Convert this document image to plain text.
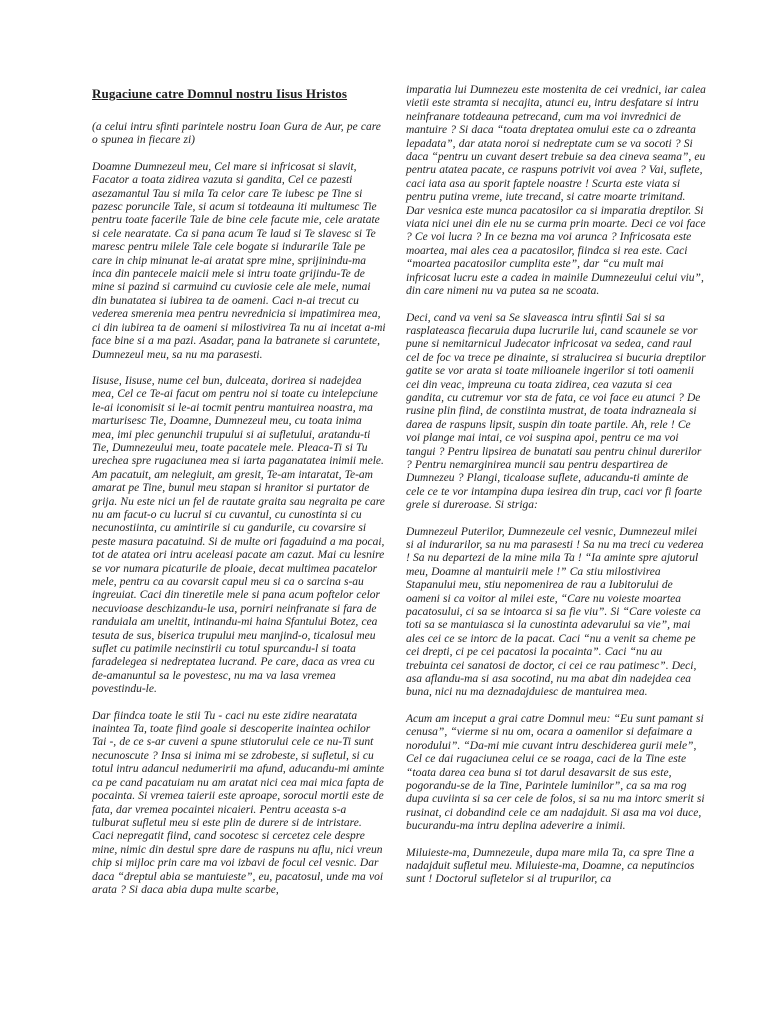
Rugaciune catre Domnul nostru Iisus Hristos

(a celui intru sfinti parintele nostru Ioan Gura de Aur, pe care o spunea in fiecare zi)

Doamne Dumnezeul meu, Cel mare si infricosat si slavit, Facator a toata zidirea vazuta si gandita, Cel ce pazesti asezamantul Tau si mila Ta celor care Te iubesc pe Tine si pazesc poruncile Tale, si acum si totdeauna iti multumesc Tie pentru toate facerile Tale de bine cele facute mie, cele aratate si cele nearatate. Ca si pana acum Te laud si Te slavesc si Te maresc pentru milele Tale cele bogate si indurarile Tale pe care in chip minunat le-ai aratat spre mine, sprijinindu-ma inca din pantecele maicii mele si intru toate grijindu-Te de mine si pazind si carmuind cu cuviosie cele ale mele, numai din bunatatea si iubirea ta de oameni. Caci n-ai trecut cu vederea smerenia mea pentru nevrednicia si impatimirea mea, ci din iubirea ta de oameni si milostivirea Ta nu ai incetat a-mi face bine si a ma pazi. Asadar, pana la batranete si caruntete, Dumnezeul meu, sa nu ma parasesti.

Iisuse, Iisuse, nume cel bun, dulceata, dorirea si nadejdea mea, Cel ce Te-ai facut om pentru noi si toate cu intelepciune le-ai iconomisit si le-ai tocmit pentru mantuirea noastra, ma marturisesc Tie, Doamne, Dumnezeul meu, cu toata inima mea, imi plec genunchii trupului si ai sufletului, aratandu-ti Tie, Dumnezeului meu, toate pacatele mele. Pleaca-Ti si Tu urechea spre rugaciunea mea si iarta paganatatea inimii mele. Am pacatuit, am nelegiuit, am gresit, Te-am intaratat, Te-am amarat pe Tine, bunul meu stapan si hranitor si purtator de grija. Nu este nici un fel de rautate graita sau negraita pe care nu am facut-o cu lucrul si cu cuvantul, cu cunostinta si cu necunostiinta, cu amintirile si cu gandurile, cu covarsire si peste masura pacatuind. Si de multe ori fagaduind a ma pocai, tot de atatea ori intru aceleasi pacate am cazut. Mai cu lesnire se vor numara picaturile de ploaie, decat multimea pacatelor mele, pentru ca au covarsit capul meu si ca o sarcina s-au ingreuiat. Caci din tineretile mele si pana acum poftelor celor necuvioase deschizandu-le usa, porniri neinfranate si fara de randuiala am uneltit, intinandu-mi haina Sfantului Botez, cea tesuta de sus, biserica trupului meu manjind-o, ticalosul meu suflet cu patimile necinstirii cu totul spurcandu-l si toata faradelegea si nedreptatea lucrand. Pe care, daca as vrea cu de-amanuntul sa le povestesc, nu ma va lasa vremea povestindu-le.

Dar fiindca toate le stii Tu - caci nu este zidire nearatata inaintea Ta, toate fiind goale si descoperite inaintea ochilor Tai -, de ce s-ar cuveni a spune stiutorului cele ce nu-Ti sunt necunoscute ? Insa si inima mi se zdrobeste, si sufletul, si cu totul intru adancul nedumeririi ma afund, aducandu-mi aminte ca pe cand pacatuiam nu am aratat nici cea mai mica fapta de pocainta. Si vremea taierii este aproape, sorocul mortii este de fata, dar vremea pocaintei nicaieri. Pentru aceasta s-a tulburat sufletul meu si este plin de durere si de intristare. Caci nepregatit fiind, cand socotesc si cercetez cele despre mine, nimic din destul spre dare de raspuns nu aflu, nici vreun chip si mijloc prin care ma voi izbavi de focul cel vesnic. Dar daca “dreptul abia se mantuieste”, eu, pacatosul, unde ma voi arata ? Si daca abia dupa multe scarbe,

imparatia lui Dumnezeu este mostenita de cei vrednici, iar calea vietii este stramta si necajita, atunci eu, intru desfatare si intru neinfranare totdeauna petrecand, cum ma voi invrednici de mantuire ? Si daca “toata dreptatea omului este ca o zdreanta lepadata”, dar atata noroi si nedreptate cum se va socoti ? Si daca “pentru un cuvant desert trebuie sa dea cineva seama”, eu pentru atatea pacate, ce raspuns potrivit voi avea ? Vai, suflete, caci iata asa au sporit faptele noastre ! Scurta este viata si pentru putina vreme, iute trecand, si catre moarte trimitand. Dar vesnica este munca pacatosilor ca si imparatia dreptilor. Si viata nici unei din ele nu se curma prin moarte. Deci ce voi face ? Ce voi lucra ? In ce bezna ma voi arunca ? Infricosata este moartea, mai ales cea a pacatosilor, fiindca si rea este. Caci “moartea pacatosilor cumplita este”, dar “cu mult mai infricosat lucru este a cadea in mainile Dumnezeului celui viu”, din care nimeni nu va putea sa ne scoata.

Deci, cand va veni sa Se slaveasca intru sfintii Sai si sa rasplateasca fiecaruia dupa lucrurile lui, cand scaunele se vor pune si nemitarnicul Judecator infricosat va sedea, cand raul cel de foc va trece pe dinainte, si stralucirea si bucuria dreptilor gatite se vor arata si toate milioanele ingerilor si toti oamenii cei din veac, impreuna cu toata zidirea, cea vazuta si cea gandita, cu cutremur vor sta de fata, ce voi face eu atunci ? De rusine plin fiind, de constiinta mustrat, de toata indrazneala si darea de raspuns lipsit, suspin din toate partile. Ah, rele ! Ce voi plange mai intai, ce voi suspina apoi, pentru ce ma voi tangui ? Pentru lipsirea de bunatati sau pentru chinul durerilor ? Pentru nemarginirea muncii sau pentru despartirea de Dumnezeu ? Plangi, ticaloase suflete, aducandu-ti aminte de cele ce te vor intampina dupa iesirea din trup, caci vor fi foarte grele si dureroase. Si striga:

Dumnezeul Puterilor, Dumnezeule cel vesnic, Dumnezeul milei si al indurarilor, sa nu ma parasesti ! Sa nu ma treci cu vederea ! Sa nu departezi de la mine mila Ta ! “Ia aminte spre ajutorul meu, Doamne al mantuirii mele !” Ca stiu milostivirea Stapanului meu, stiu nepomenirea de rau a Iubitorului de oameni si ca voitor al milei este, “Care nu voieste moartea pacatosului, ci sa se intoarca si sa fie viu”. Si “Care voieste ca toti sa se mantuiasca si la cunostinta adevarului sa vie”, mai ales cei ce se intorc de la pacat. Caci “nu a venit sa cheme pe cei drepti, ci pe cei pacatosi la pocainta”. Caci “nu au trebuinta cei sanatosi de doctor, ci cei ce rau patimesc”. Deci, asa aflandu-ma si asa socotind, nu ma abat din nadejdea cea buna, nici nu ma deznadajduiesc de mantuirea mea.

Acum am inceput a grai catre Domnul meu: “Eu sunt pamant si cenusa”, “vierme si nu om, ocara a oamenilor si defaimare a norodului”. “Da-mi mie cuvant intru deschiderea gurii mele”, Cel ce dai rugaciunea celui ce se roaga, caci de la Tine este “toata darea cea buna si tot darul desavarsit de sus este, pogorandu-se de la Tine, Parintele luminilor”, ca sa ma rog dupa cuviinta si sa cer cele de folos, si sa nu ma intorc smerit si rusinat, ci dobandind cele ce am nadajduit. Si asa ma voi duce, bucurandu-ma intru deplina adeverire a inimii.

Miluieste-ma, Dumnezeule, dupa mare mila Ta, ca spre Tine a nadajduit sufletul meu. Miluieste-ma, Doamne, ca neputincios sunt ! Doctorul sufletelor si al trupurilor, ca
